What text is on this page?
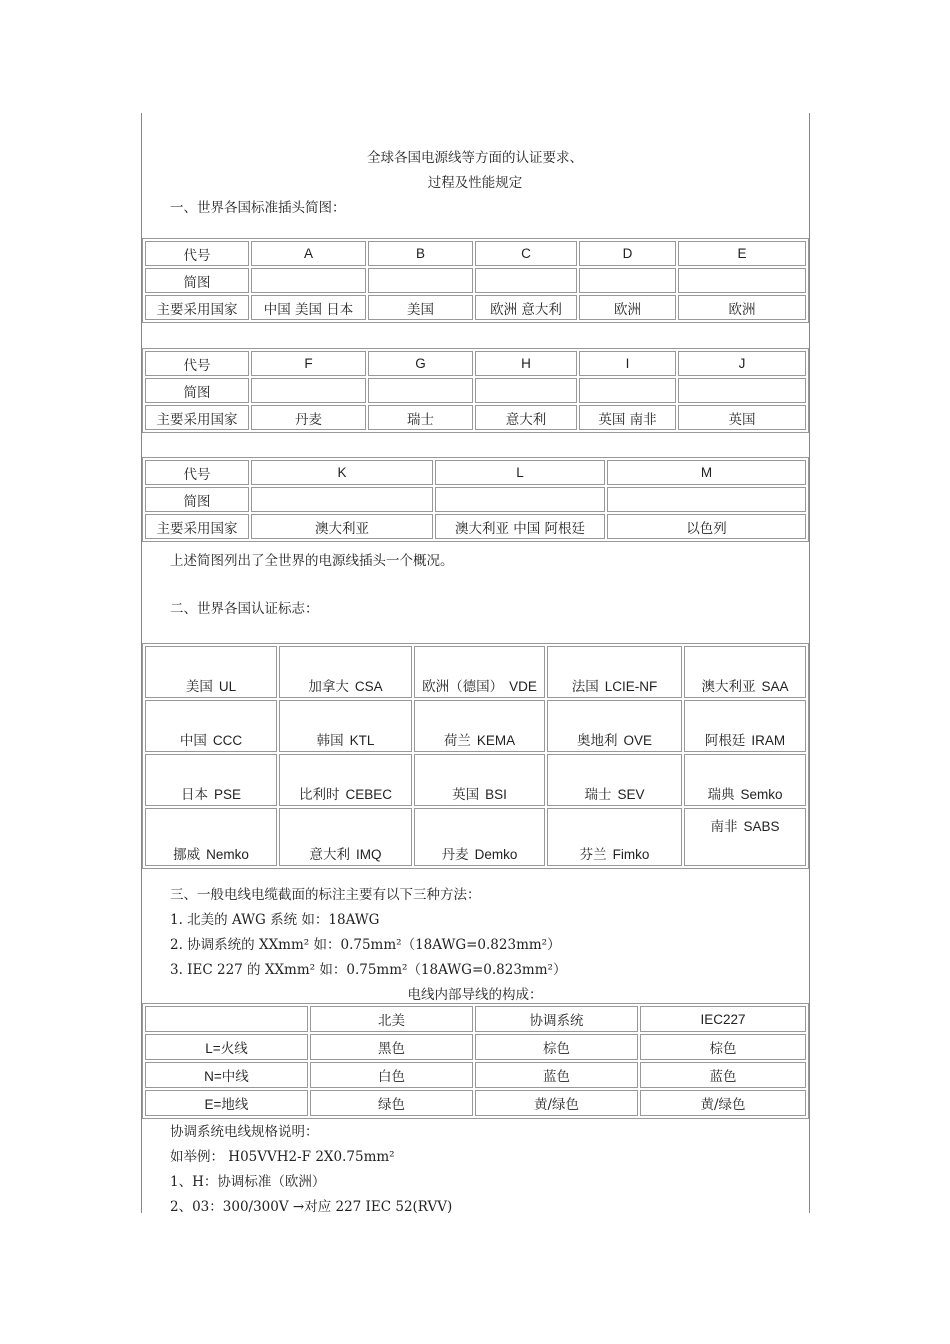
全球各国电源线等方面的认证要求、
过程及性能规定
一、世界各国标准插头简图：
代号	A	B	C	D	E
简图					
主要采用国家	中国 美国 日本	美国	欧洲 意大利	欧洲	欧洲
代号	F	G	H	I	J
简图					
主要采用国家	丹麦	瑞士	意大利	英国 南非	英国
代号	K	L	M
简图			
主要采用国家	澳大利亚	澳大利亚 中国 阿根廷	以色列
上述简图列出了全世界的电源线插头一个概况。
二、世界各国认证标志：
美国 UL	加拿大 CSA	欧洲（德国） VDE	法国 LCIE-NF	澳大利亚 SAA
中国 CCC	韩国 KTL	荷兰 KEMA	奥地利 OVE	阿根廷 IRAM
日本 PSE	比利时 CEBEC	英国 BSI	瑞士 SEV	瑞典 Semko
挪威 Nemko	意大利 IMQ	丹麦 Demko	芬兰 Fimko	南非 SABS
三、一般电线电缆截面的标注主要有以下三种方法：
1. 北美的 AWG 系统 如：18AWG
2. 协调系统的 XXmm² 如：0.75mm²（18AWG=0.823mm²）
3. IEC 227 的 XXmm² 如：0.75mm²（18AWG=0.823mm²）
电线内部导线的构成：
	北美	协调系统	IEC227
L=火线	黑色	棕色	棕色
N=中线	白色	蓝色	蓝色
E=地线	绿色	黄/绿色	黄/绿色
协调系统电线规格说明：
如举例： H05VVH2-F 2X0.75mm²
1、H：协调标准（欧洲）
2、03：300/300V →对应 227 IEC 52(RVV)
